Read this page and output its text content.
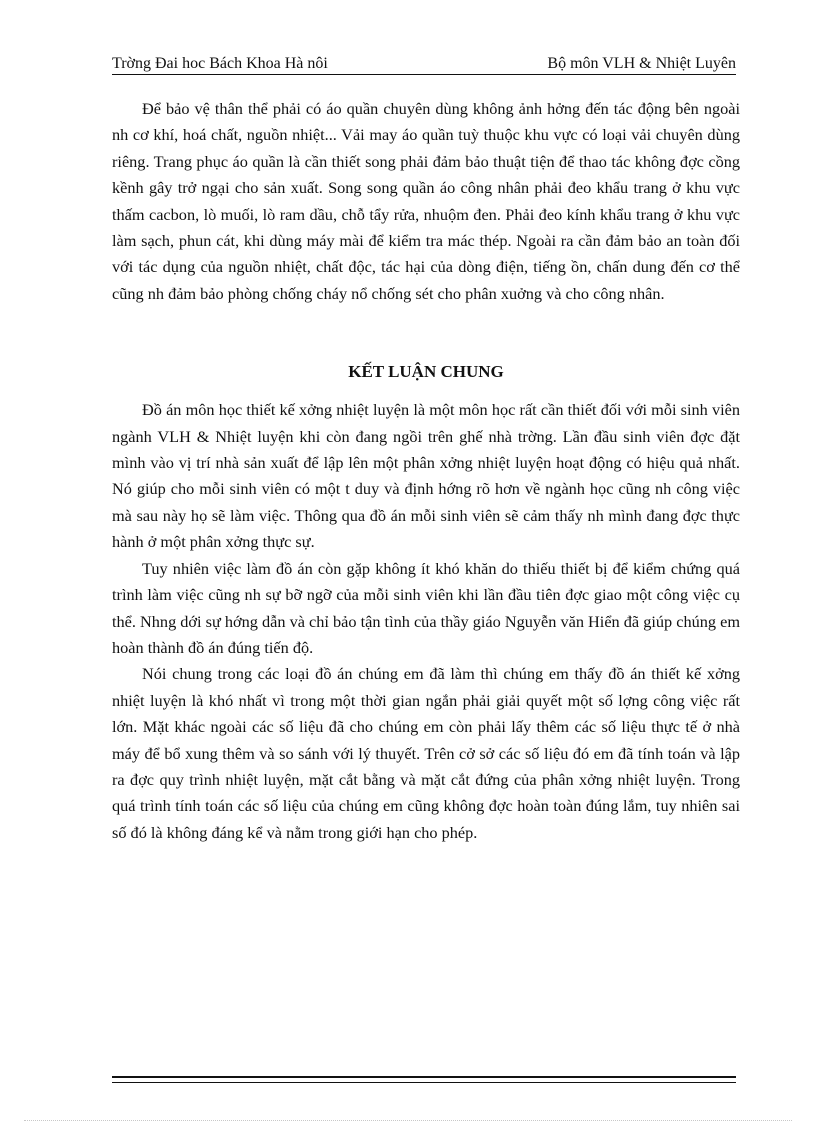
Trờng Đai hoc Bách Khoa Hà nôi	Bộ môn VLH & Nhiệt Luyên

Để bảo vệ thân thể phải có áo quần chuyên dùng không ảnh hởng đến tác động bên ngoài nh cơ khí, hoá chất, nguồn nhiệt... Vải may áo quần tuỳ thuộc khu vực có loại vải chuyên dùng riêng. Trang phục áo quần là cần thiết song phải đảm bảo thuật tiện để thao tác không đợc cồng kềnh gây trở ngại cho sản xuất. Song song quần áo công nhân phải đeo khẩu trang ở khu vực thấm cacbon, lò muối, lò ram dầu, chỗ tẩy rửa, nhuộm đen. Phải đeo kính khẩu trang ở khu vực làm sạch, phun cát, khi dùng máy mài để kiểm tra mác thép. Ngoài ra cần đảm bảo an toàn đối với tác dụng của nguồn nhiệt, chất độc, tác hại của dòng điện, tiếng ồn, chấn dung đến cơ thể cũng nh đảm bảo phòng chống cháy nổ chống sét cho phân xuởng và cho công nhân.

KẾT LUẬN CHUNG

Đồ án môn học thiết kế xởng nhiệt luyện là một môn học rất cần thiết đối với mỗi sinh viên ngành VLH & Nhiệt luyện khi còn đang ngồi trên ghế nhà trờng. Lần đầu sinh viên đợc đặt mình vào vị trí nhà sản xuất để lập lên một phân xởng nhiệt luyện hoạt động có hiệu quả nhất. Nó giúp cho mỗi sinh viên có một t duy và định hớng rõ hơn về ngành học cũng nh công việc mà sau này họ sẽ làm việc. Thông qua đồ án mỗi sinh viên sẽ cảm thấy nh mình đang đợc thực hành ở một phân xởng thực sự.

Tuy nhiên việc làm đồ án còn gặp không ít khó khăn do thiếu thiết bị để kiểm chứng quá trình làm việc cũng nh sự bỡ ngỡ của mỗi sinh viên khi lần đầu tiên đợc giao một công việc cụ thể. Nhng dới sự hớng dẫn và chỉ bảo tận tình của thầy giáo Nguyễn văn Hiển đã giúp chúng em hoàn thành đồ án đúng tiến độ.

Nói chung trong các loại đồ án chúng em đã làm thì chúng em thấy đồ án thiết kế xởng nhiệt luyện là khó nhất vì trong một thời gian ngắn phải giải quyết một số lợng công việc rất lớn. Mặt khác ngoài các số liệu đã cho chúng em còn phải lấy thêm các số liệu thực tế ở nhà máy để bổ xung thêm và so sánh với lý thuyết. Trên cở sở các số liệu đó em đã tính toán và lập ra đợc quy trình nhiệt luyện, mặt cắt bằng và mặt cắt đứng của phân xởng nhiệt luyện. Trong quá trình tính toán các số liệu của chúng em cũng không đợc hoàn toàn đúng lắm, tuy nhiên sai số đó là không đáng kể và nằm trong giới hạn cho phép.
